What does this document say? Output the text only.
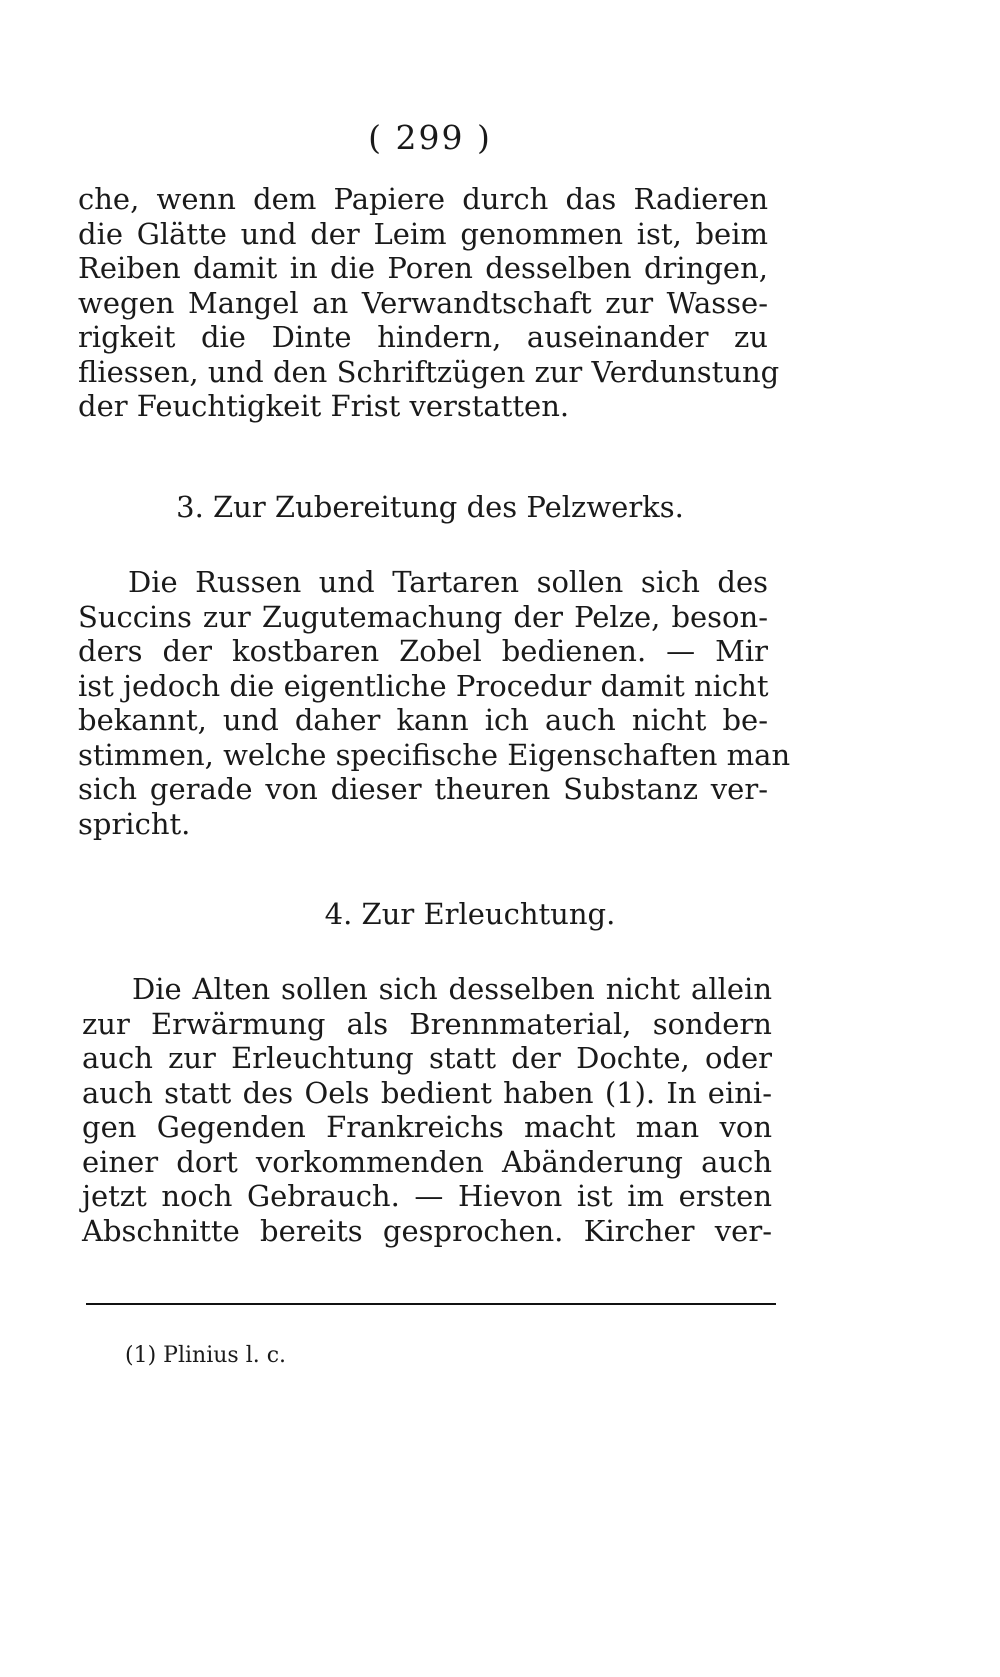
( 299 )
che, wenn dem Papiere durch das Radieren
die Glätte und der Leim genommen ist, beim
Reiben damit in die Poren desselben dringen,
wegen Mangel an Verwandtschaft zur Wasse-
rigkeit die Dinte hindern, auseinander zu
fliessen, und den Schriftzügen zur Verdunstung
der Feuchtigkeit Frist verstatten.
3. Zur Zubereitung des Pelzwerks.
Die Russen und Tartaren sollen sich des
Succins zur Zugutemachung der Pelze, beson-
ders der kostbaren Zobel bedienen. — Mir
ist jedoch die eigentliche Procedur damit nicht
bekannt, und daher kann ich auch nicht be-
stimmen, welche specifische Eigenschaften man
sich gerade von dieser theuren Substanz ver-
spricht.
4. Zur Erleuchtung.
Die Alten sollen sich desselben nicht allein
zur Erwärmung als Brennmaterial, sondern
auch zur Erleuchtung statt der Dochte, oder
auch statt des Oels bedient haben (1). In eini-
gen Gegenden Frankreichs macht man von
einer dort vorkommenden Abänderung auch
jetzt noch Gebrauch. — Hievon ist im ersten
Abschnitte bereits gesprochen. Kircher ver-
(1) Plinius l. c.
